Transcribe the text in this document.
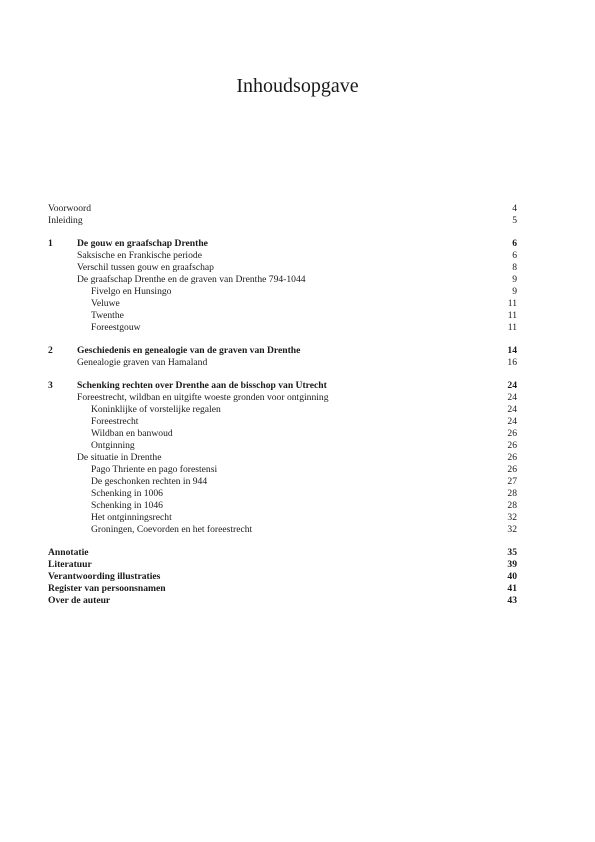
Inhoudsopgave
Voorwoord	4
Inleiding	5
1	De gouw en graafschap Drenthe	6
Saksische en Frankische periode	6
Verschil tussen gouw en graafschap	8
De graafschap Drenthe en de graven van Drenthe 794-1044	9
Fivelgo en Hunsingo	9
Veluwe	11
Twenthe	11
Foreestgouw	11
2	Geschiedenis en genealogie van de graven van Drenthe	14
Genealogie graven van Hamaland	16
3	Schenking rechten over Drenthe aan de bisschop van Utrecht	24
Foreestrecht, wildban en uitgifte woeste gronden voor ontginning	24
Koninklijke of vorstelijke regalen	24
Foreestrecht	24
Wildban en banwoud	26
Ontginning	26
De situatie in Drenthe	26
Pago Thriente en pago forestensi	26
De geschonken rechten in 944	27
Schenking in 1006	28
Schenking in 1046	28
Het ontginningsrecht	32
Groningen, Coevorden en het foreestrecht	32
Annotatie	35
Literatuur	39
Verantwoording illustraties	40
Register van persoonsnamen	41
Over de auteur	43
